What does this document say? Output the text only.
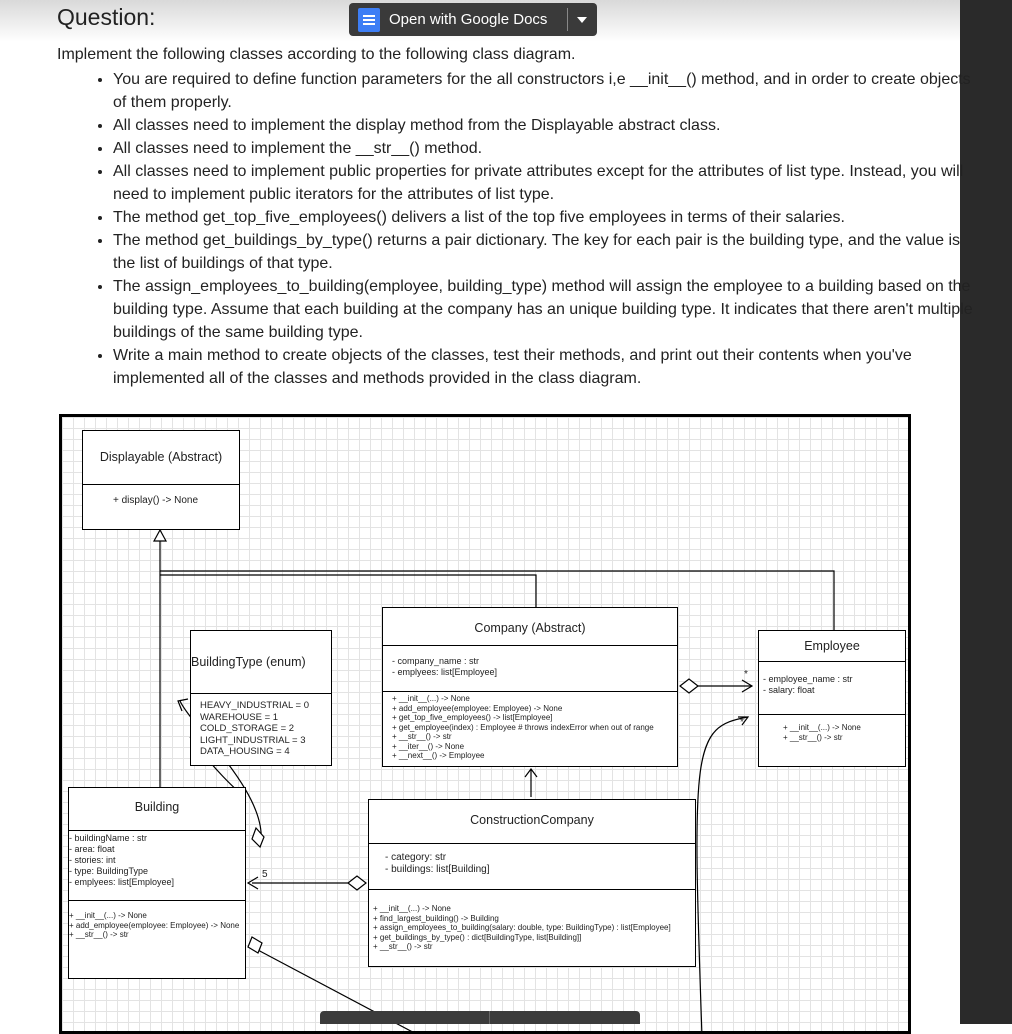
Question:	Open with Google Docs

Implement the following classes according to the following class diagram.

• You are required to define function parameters for the all constructors i,e __init__() method, and in order to create objects of them properly.
• All classes need to implement the display method from the Displayable abstract class.
• All classes need to implement the __str__() method.
• All classes need to implement public properties for private attributes except for the attributes of list type. Instead, you will need to implement public iterators for the attributes of list type.
• The method get_top_five_employees() delivers a list of the top five employees in terms of their salaries.
• The method get_buildings_by_type() returns a pair dictionary. The key for each pair is the building type, and the value is the list of buildings of that type.
• The assign_employees_to_building(employee, building_type) method will assign the employee to a building based on the building type. Assume that each building at the company has an unique building type. It indicates that there aren't multiple buildings of the same building type.
• Write a main method to create objects of the classes, test their methods, and print out their contents when you've implemented all of the classes and methods provided in the class diagram.
Displayable (Abstract)
+ display() -> None
Company (Abstract)
- company_name : str
- emplyees: list[Employee]
+ __init__(...) -> None
+ add_employee(employee: Employee) -> None
+ get_top_five_employees() -> list[Employee]
+ get_employee(index) : Employee # throws indexError when out of range
+ __str__() -> str
+ __iter__() -> None
+ __next__() -> Employee
Employee
- employee_name : str
- salary: float
+ __init__(...) -> None
+ __str__() -> str
BuildingType (enum)
HEAVY_INDUSTRIAL = 0
WAREHOUSE = 1
COLD_STORAGE = 2
LIGHT_INDUSTRIAL = 3
DATA_HOUSING = 4
Building
- buildingName : str
- area: float
- stories: int
- type: BuildingType
- emplyees: list[Employee]
+ __init__(...) -> None
+ add_employee(employee: Employee) -> None
+ __str__() -> str
ConstructionCompany
- category: str
- buildings: list[Building]
+ __init__(...) -> None
+ find_largest_building() -> Building
+ assign_employees_to_building(salary: double, type: BuildingType) : list[Employee]
+ get_buildings_by_type() : dict[BuildingType, list[Building]]
+ __str__() -> str
*
*
5
